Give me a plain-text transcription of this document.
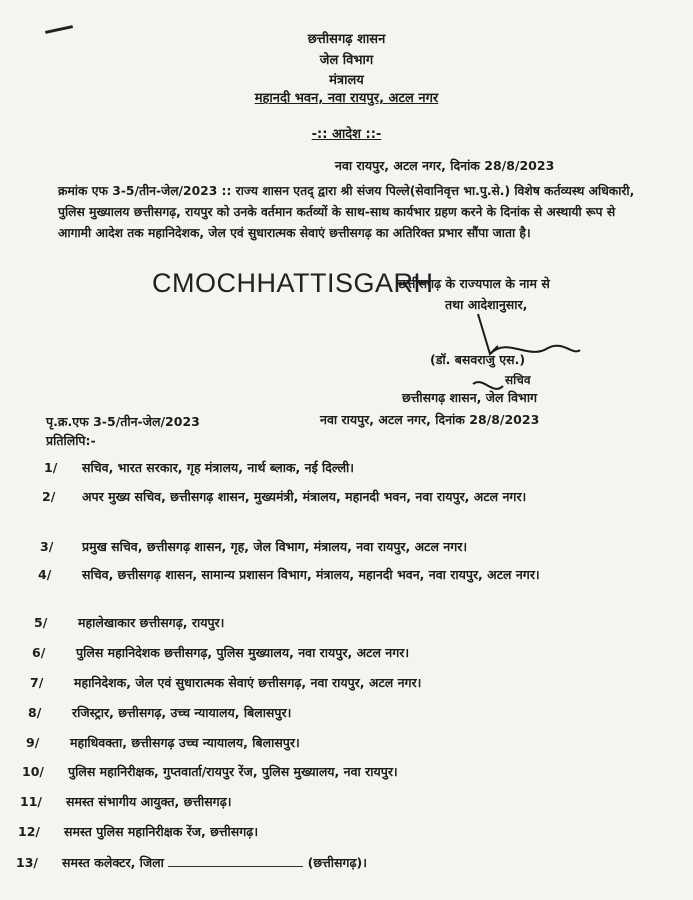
छत्तीसगढ़ शासन
जेल विभाग
मंत्रालय
महानदी भवन, नवा रायपुर, अटल नगर
-:: आदेश ::-
नवा रायपुर, अटल नगर, दिनांक 28/8/2023
क्रमांक एफ 3-5/तीन-जेल/2023 :: राज्य शासन एतद् द्वारा श्री संजय पिल्ले(सेवानिवृत्त भा.पु.से.) विशेष कर्तव्यस्थ अधिकारी, पुलिस मुख्यालय छत्तीसगढ़, रायपुर को उनके वर्तमान कर्तव्यों के साथ-साथ कार्यभार ग्रहण करने के दिनांक से अस्थायी रूप से आगामी आदेश तक महानिदेशक, जेल एवं सुधारात्मक सेवाएं छत्तीसगढ़ का अतिरिक्त प्रभार सौंपा जाता है।
CMOCHHATTISGARH
छत्तीसगढ़ के राज्यपाल के नाम से
तथा आदेशानुसार,
(डॉ. बसवराजु एस.)
सचिव
छत्तीसगढ़ शासन, जेल विभाग
पृ.क्र.एफ 3-5/तीन-जेल/2023	नवा रायपुर, अटल नगर, दिनांक 28/8/2023
प्रतिलिपि:-
1/ सचिव, भारत सरकार, गृह मंत्रालय, नार्थ ब्लाक, नई दिल्ली।
2/ अपर मुख्य सचिव, छत्तीसगढ़ शासन, मुख्यमंत्री, मंत्रालय, महानदी भवन, नवा रायपुर, अटल नगर।
3/ प्रमुख सचिव, छत्तीसगढ़ शासन, गृह, जेल विभाग, मंत्रालय, नवा रायपुर, अटल नगर।
4/ सचिव, छत्तीसगढ़ शासन, सामान्य प्रशासन विभाग, मंत्रालय, महानदी भवन, नवा रायपुर, अटल नगर।
5/ महालेखाकार छत्तीसगढ़, रायपुर।
6/ पुलिस महानिदेशक छत्तीसगढ़, पुलिस मुख्यालय, नवा रायपुर, अटल नगर।
7/ महानिदेशक, जेल एवं सुधारात्मक सेवाएं छत्तीसगढ़, नवा रायपुर, अटल नगर।
8/ रजिस्ट्रार, छत्तीसगढ़, उच्च न्यायालय, बिलासपुर।
9/ महाधिवक्ता, छत्तीसगढ़ उच्च न्यायालय, बिलासपुर।
10/ पुलिस महानिरीक्षक, गुप्तवार्ता/रायपुर रेंज, पुलिस मुख्यालय, नवा रायपुर।
11/ समस्त संभागीय आयुक्त, छत्तीसगढ़।
12/ समस्त पुलिस महानिरीक्षक रेंज, छत्तीसगढ़।
13/ समस्त कलेक्टर, जिला	(छत्तीसगढ़)।
